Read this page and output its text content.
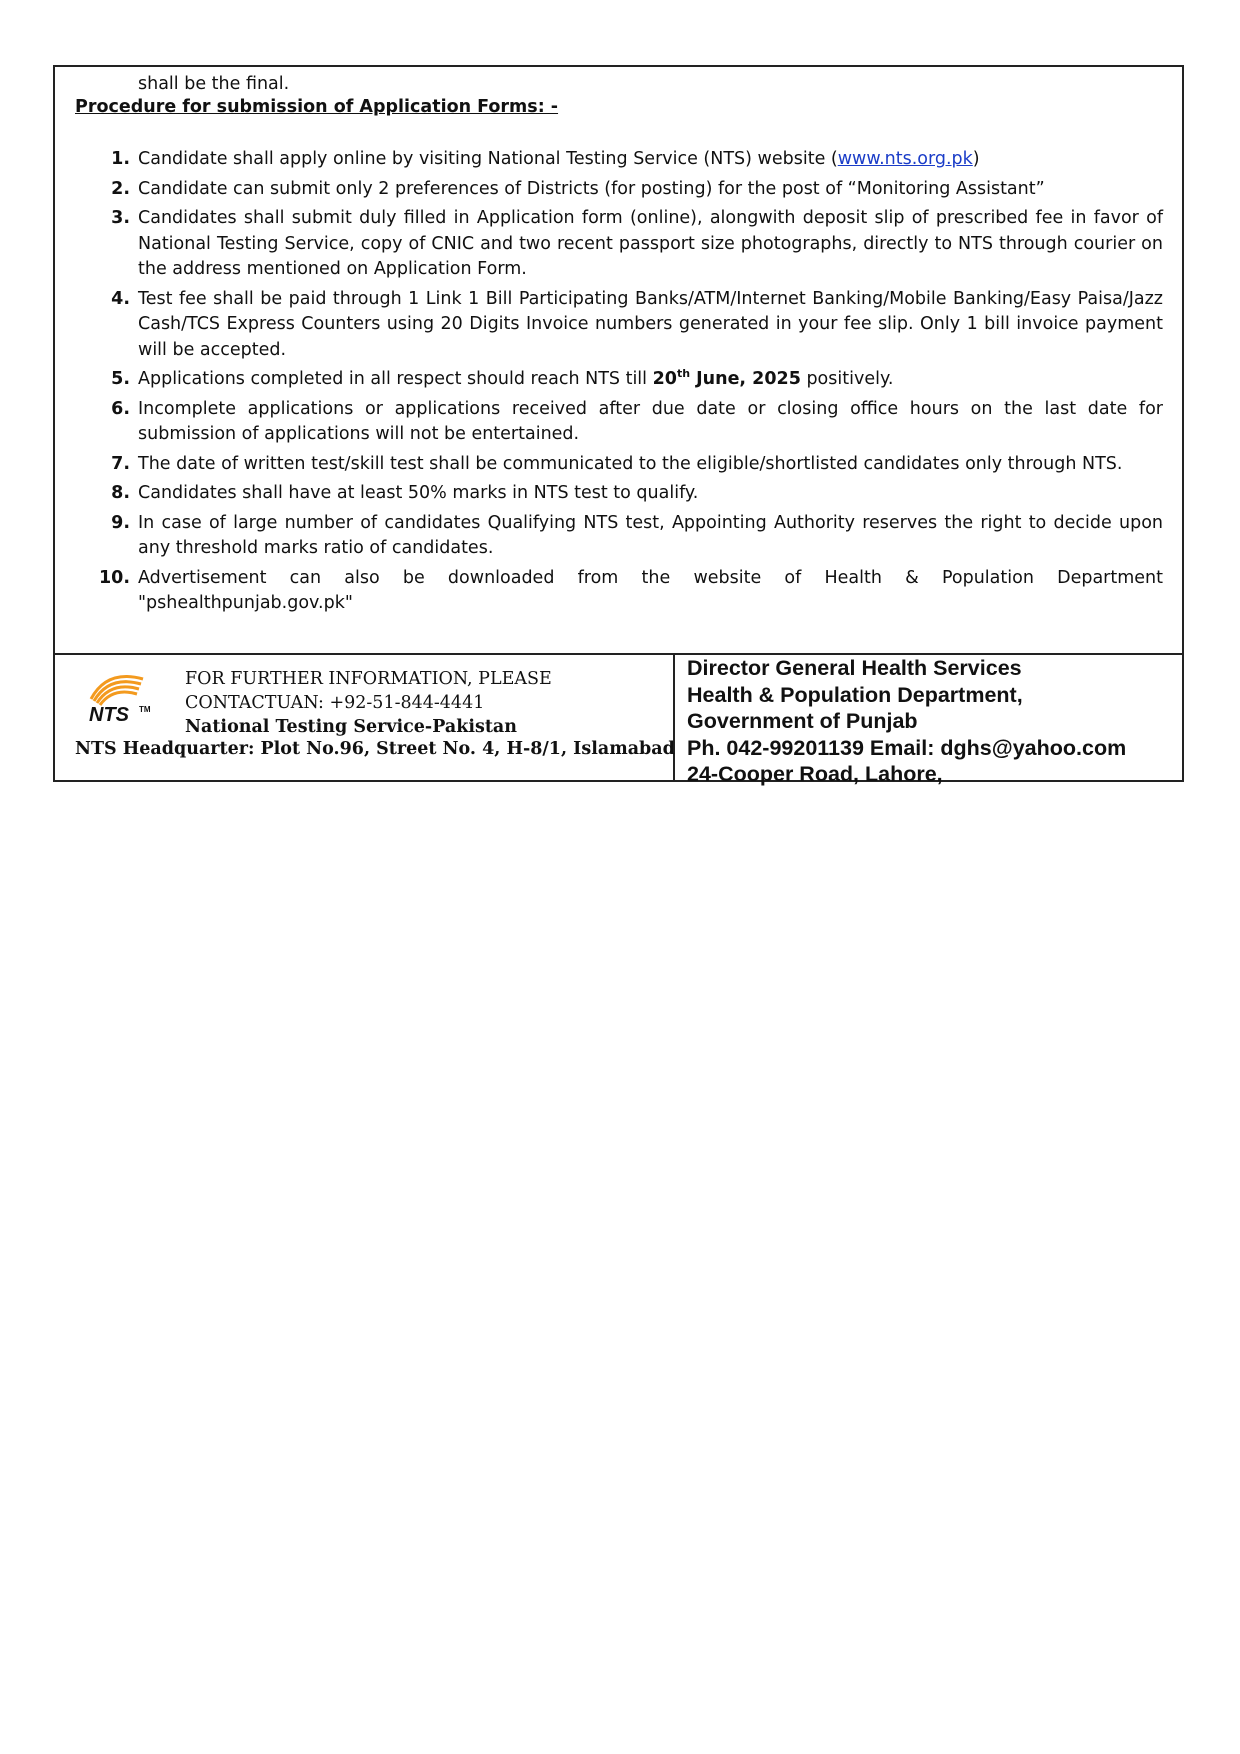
shall be the final.

Procedure for submission of Application Forms: -

1. Candidate shall apply online by visiting National Testing Service (NTS) website (www.nts.org.pk)
2. Candidate can submit only 2 preferences of Districts (for posting) for the post of “Monitoring Assistant”
3. Candidates shall submit duly filled in Application form (online), alongwith deposit slip of prescribed fee in favor of National Testing Service, copy of CNIC and two recent passport size photographs, directly to NTS through courier on the address mentioned on Application Form.
4. Test fee shall be paid through 1 Link 1 Bill Participating Banks/ATM/Internet Banking/Mobile Banking/Easy Paisa/Jazz Cash/TCS Express Counters using 20 Digits Invoice numbers generated in your fee slip. Only 1 bill invoice payment will be accepted.
5. Applications completed in all respect should reach NTS till 20th June, 2025 positively.
6. Incomplete applications or applications received after due date or closing office hours on the last date for submission of applications will not be entertained.
7. The date of written test/skill test shall be communicated to the eligible/shortlisted candidates only through NTS.
8. Candidates shall have at least 50% marks in NTS test to qualify.
9. In case of large number of candidates Qualifying NTS test, Appointing Authority reserves the right to decide upon any threshold marks ratio of candidates.
10. Advertisement can also be downloaded from the website of Health & Population Department "pshealthpunjab.gov.pk"
NTS TM
FOR FURTHER INFORMATION, PLEASE
CONTACTUAN: +92-51-844-4441
National Testing Service-Pakistan
NTS Headquarter: Plot No.96, Street No. 4, H-8/1, Islamabad
Director General Health Services
Health & Population Department,
Government of Punjab
Ph. 042-99201139 Email: dghs@yahoo.com
24-Cooper Road, Lahore,
